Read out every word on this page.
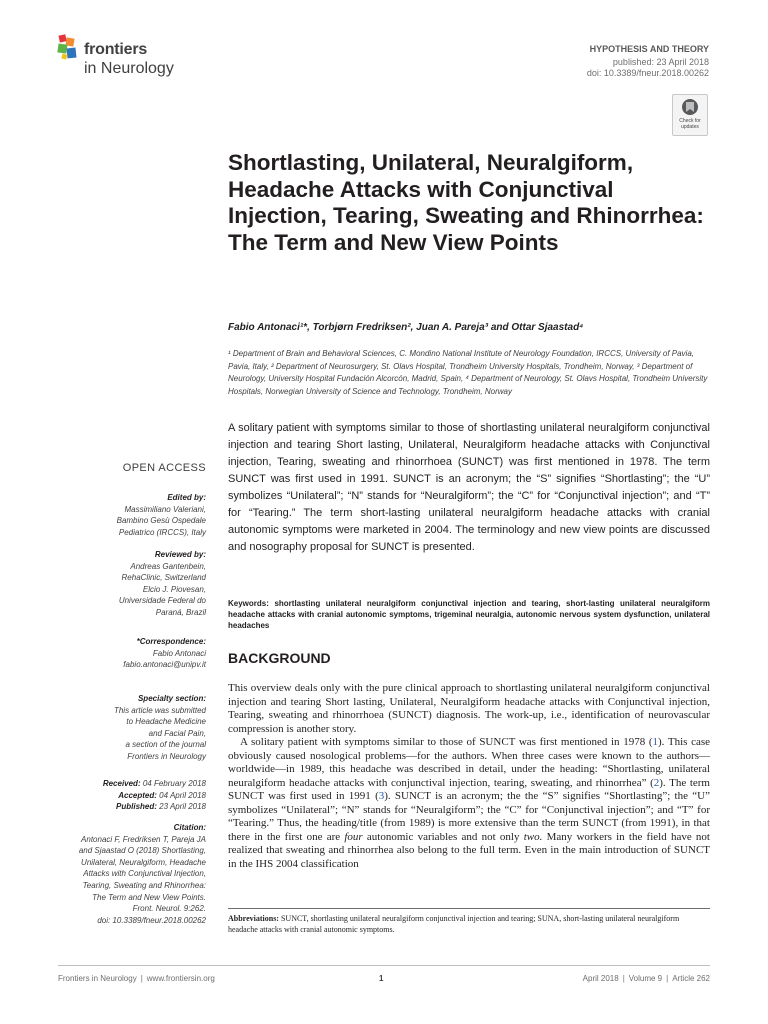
frontiers
in Neurology
HYPOTHESIS AND THEORY
published: 23 April 2018
doi: 10.3389/fneur.2018.00262
Check for
updates
Shortlasting, Unilateral, Neuralgiform, Headache Attacks with Conjunctival Injection, Tearing, Sweating and Rhinorrhea: The Term and New View Points
Fabio Antonaci¹*, Torbjørn Fredriksen², Juan A. Pareja³ and Ottar Sjaastad⁴
¹ Department of Brain and Behavioral Sciences, C. Mondino National Institute of Neurology Foundation, IRCCS, University of Pavia, Pavia, Italy, ² Department of Neurosurgery, St. Olavs Hospital, Trondheim University Hospitals, Trondheim, Norway, ³ Department of Neurology, University Hospital Fundación Alcorcón, Madrid, Spain, ⁴ Department of Neurology, St. Olavs Hospital, Trondheim University Hospitals, Norwegian University of Science and Technology, Trondheim, Norway

A solitary patient with symptoms similar to those of shortlasting unilateral neuralgiform conjunctival injection and tearing Short lasting, Unilateral, Neuralgiform headache attacks with Conjunctival injection, Tearing, sweating and rhinorrhoea (SUNCT) was first mentioned in 1978. The term SUNCT was first used in 1991. SUNCT is an acronym; the “S” signifies “Shortlasting”; the “U” symbolizes “Unilateral”; “N” stands for “Neuralgiform”; the “C” for “Conjunctival injection”; and “T” for “Tearing.” The term short-lasting unilateral neuralgiform headache attacks with cranial autonomic symptoms were marketed in 2004. The terminology and new view points are discussed and nosography proposal for SUNCT is presented.

Keywords: shortlasting unilateral neuralgiform conjunctival injection and tearing, short-lasting unilateral neuralgiform headache attacks with cranial autonomic symptoms, trigeminal neuralgia, autonomic nervous system dysfunction, unilateral headaches
BACKGROUND

This overview deals only with the pure clinical approach to shortlasting unilateral neuralgiform conjunctival injection and tearing Short lasting, Unilateral, Neuralgiform headache attacks with Conjunctival injection, Tearing, sweating and rhinorrhoea (SUNCT) diagnosis. The work-up, i.e., identification of neurovascular compression is another story.

A solitary patient with symptoms similar to those of SUNCT was first mentioned in 1978 (1). This case obviously caused nosological problems—for the authors. When three cases were known to the authors—worldwide—in 1989, this headache was described in detail, under the heading: “Shortlasting, unilateral neuralgiform headache attacks with conjunctival injection, tearing, sweating, and rhinorrhea” (2). The term SUNCT was first used in 1991 (3). SUNCT is an acronym; the the “S” signifies “Shortlasting”; the “U” symbolizes “Unilateral”; “N” stands for “Neuralgiform”; the “C” for “Conjunctival injection”; and “T” for “Tearing.” Thus, the heading/title (from 1989) is more extensive than the term SUNCT (from 1991), in that there in the first one are four autonomic variables and not only two. Many workers in the field have not realized that sweating and rhinorrhea also belong to the full term. Even in the main introduction of SUNCT in the IHS 2004 classification

Abbreviations: SUNCT, shortlasting unilateral neuralgiform conjunctival injection and tearing; SUNA, short-lasting unilateral neuralgiform headache attacks with cranial autonomic symptoms.
OPEN ACCESS
Edited by:
Massimiliano Valeriani,
Bambino Gesù Ospedale
Pediatrico (IRCCS), Italy
Reviewed by:
Andreas Gantenbein,
RehaClinic, Switzerland
Elcio J. Piovesan,
Universidade Federal do
Paraná, Brazil
*Correspondence:
Fabio Antonaci
fabio.antonaci@unipv.it
Specialty section:
This article was submitted
to Headache Medicine
and Facial Pain,
a section of the journal
Frontiers in Neurology
Received: 04 February 2018
Accepted: 04 April 2018
Published: 23 April 2018
Citation:
Antonaci F, Fredriksen T, Pareja JA
and Sjaastad O (2018) Shortlasting,
Unilateral, Neuralgiform, Headache
Attacks with Conjunctival Injection,
Tearing, Sweating and Rhinorrhea:
The Term and New View Points.
Front. Neurol. 9:262.
doi: 10.3389/fneur.2018.00262
Frontiers in Neurology | www.frontiersin.org	1	April 2018 | Volume 9 | Article 262
